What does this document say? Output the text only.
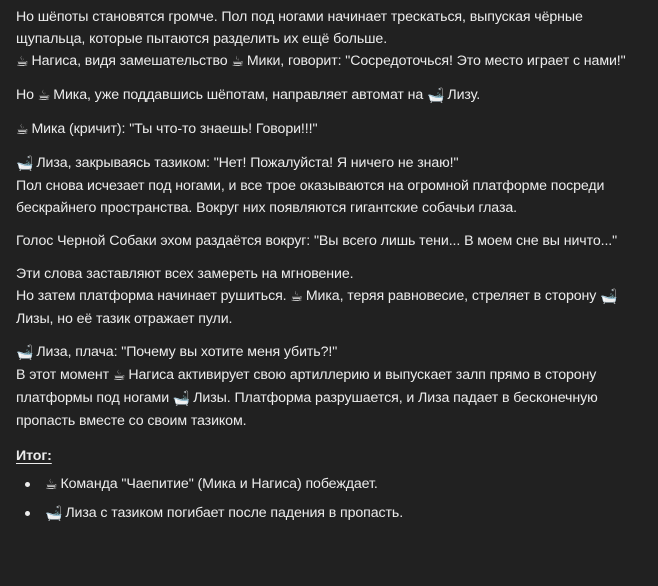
Но шёпоты становятся громче. Пол под ногами начинает трескаться, выпуская чёрные щупальца, которые пытаются разделить их ещё больше.
☕ Нагиса, видя замешательство ☕ Мики, говорит: "Сосредоточься! Это место играет с нами!"

Но ☕ Мика, уже поддавшись шёпотам, направляет автомат на 🛁 Лизу.

☕ Мика (кричит): "Ты что-то знаешь! Говори!!!"

🛁 Лиза, закрываясь тазиком: "Нет! Пожалуйста! Я ничего не знаю!"
Пол снова исчезает под ногами, и все трое оказываются на огромной платформе посреди бескрайнего пространства. Вокруг них появляются гигантские собачьи глаза.

Голос Черной Собаки эхом раздаётся вокруг: "Вы всего лишь тени... В моем сне вы ничто..."

Эти слова заставляют всех замереть на мгновение.
Но затем платформа начинает рушиться. ☕ Мика, теряя равновесие, стреляет в сторону 🛁Лизы, но её тазик отражает пули.

🛁 Лиза, плача: "Почему вы хотите меня убить?!"
В этот момент ☕ Нагиса активирует свою артиллерию и выпускает залп прямо в сторону платформы под ногами 🛁 Лизы. Платформа разрушается, и Лиза падает в бесконечную пропасть вместе со своим тазиком.

Итог:
☕ Команда "Чаепитие" (Мика и Нагиса) побеждает.
🛁 Лиза с тазиком погибает после падения в пропасть.
